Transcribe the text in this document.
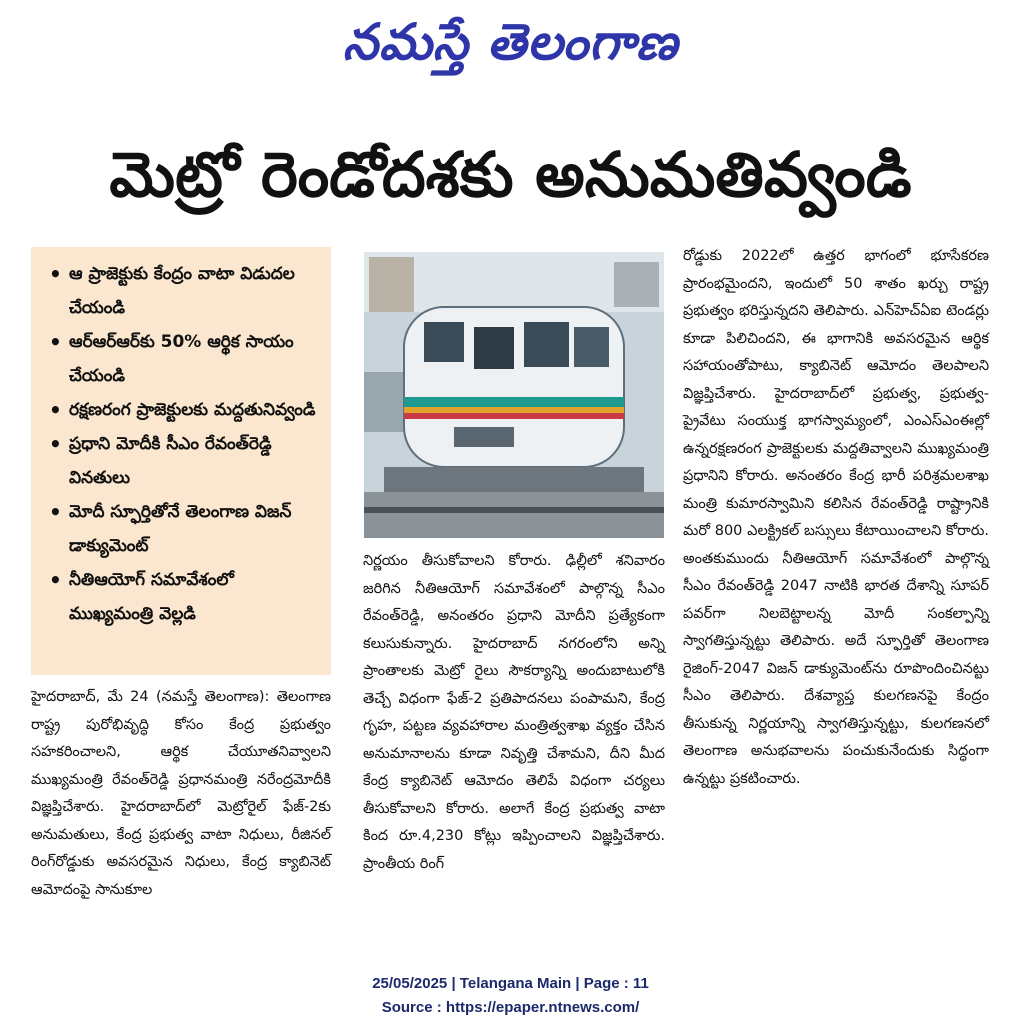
నమస్తే తెలంగాణ
మెట్రో రెండోదశకు అనుమతివ్వండి
• ఆ ప్రాజెక్టుకు కేంద్రం వాటా విడుదల చేయండి
• ఆర్ఆర్ఆర్‌కు 50% ఆర్థిక సాయం చేయండి
• రక్షణరంగ ప్రాజెక్టులకు మద్దతునివ్వండి
• ప్రధాని మోదీకి సీఎం రేవంత్‌రెడ్డి వినతులు
• మోదీ స్ఫూర్తితోనే తెలంగాణ విజన్ డాక్యుమెంట్
• నీతిఆయోగ్ సమావేశంలో ముఖ్యమంత్రి వెల్లడి

హైదరాబాద్, మే 24 (నమస్తే తెలంగాణ): తెలంగాణ రాష్ట్ర పురోభివృద్ధి కోసం కేంద్ర ప్రభుత్వం సహకరించాలని, ఆర్థిక చేయూతనివ్వాలని ముఖ్యమంత్రి రేవంత్‌రెడ్డి ప్రధానమంత్రి నరేంద్రమోదీకి విజ్ఞప్తిచేశారు. హైదరాబాద్‌లో మెట్రోరైల్ ఫేజ్-2కు అనుమతులు, కేంద్ర ప్రభుత్వ వాటా నిధులు, రీజినల్ రింగ్‌రోడ్డుకు అవసరమైన నిధులు, కేంద్ర క్యాబినెట్ ఆమోదంపై సానుకూల

నిర్ణయం తీసుకోవాలని కోరారు. ఢిల్లీలో శనివారం జరిగిన నీతిఆయోగ్ సమావేశంలో పాల్గొన్న సీఎం రేవంత్‌రెడ్డి, అనంతరం ప్రధాని మోదీని ప్రత్యేకంగా కలుసుకున్నారు. హైదరాబాద్ నగరంలోని అన్ని ప్రాంతాలకు మెట్రో రైలు సౌకర్యాన్ని అందుబాటులోకి తెచ్చే విధంగా ఫేజ్-2 ప్రతిపాదనలు పంపామని, కేంద్ర గృహ, పట్టణ వ్యవహారాల మంత్రిత్వశాఖ వ్యక్తం చేసిన అనుమానాలను కూడా నివృత్తి చేశామని, దీని మీద కేంద్ర క్యాబినెట్ ఆమోదం తెలిపే విధంగా చర్యలు తీసుకోవాలని కోరారు. అలాగే కేంద్ర ప్రభుత్వ వాటా కింద రూ.4,230 కోట్లు ఇప్పించాలని విజ్ఞప్తిచేశారు. ప్రాంతీయ రింగ్

రోడ్డుకు 2022లో ఉత్తర భాగంలో భూసేకరణ ప్రారంభమైందని, ఇందులో 50 శాతం ఖర్చు రాష్ట్ర ప్రభుత్వం భరిస్తున్నదని తెలిపారు. ఎన్‌హెచ్ఏఐ టెండర్లు కూడా పిలిచిందని, ఈ భాగానికి అవసరమైన ఆర్థిక సహాయంతోపాటు, క్యాబినెట్ ఆమోదం తెలపాలని విజ్ఞప్తిచేశారు. హైదరాబాద్‌లో ప్రభుత్వ, ప్రభుత్వ-ప్రైవేటు సంయుక్త భాగస్వామ్యంలో, ఎంఎస్ఎంఈల్లో ఉన్నరక్షణరంగ ప్రాజెక్టులకు మద్దతివ్వాలని ముఖ్యమంత్రి ప్రధానిని కోరారు. అనంతరం కేంద్ర భారీ పరిశ్రమలశాఖ మంత్రి కుమారస్వామిని కలిసిన రేవంత్‌రెడ్డి రాష్ట్రానికి మరో 800 ఎలక్ట్రికల్ బస్సులు కేటాయించాలని కోరారు. అంతకుముందు నీతిఆయోగ్ సమావేశంలో పాల్గొన్న సీఎం రేవంత్‌రెడ్డి 2047 నాటికి భారత దేశాన్ని సూపర్ పవర్‌గా నిలబెట్టాలన్న మోదీ సంకల్పాన్ని స్వాగతిస్తున్నట్టు తెలిపారు. అదే స్ఫూర్తితో తెలంగాణ రైజింగ్-2047 విజన్ డాక్యుమెంట్‌ను రూపొందించినట్టు సీఎం తెలిపారు. దేశవ్యాప్త కులగణనపై కేంద్రం తీసుకున్న నిర్ణయాన్ని స్వాగతిస్తున్నట్టు, కులగణనలో తెలంగాణ అనుభవాలను పంచుకునేందుకు సిద్ధంగా ఉన్నట్టు ప్రకటించారు.

25/05/2025 | Telangana Main | Page : 11
Source : https://epaper.ntnews.com/
